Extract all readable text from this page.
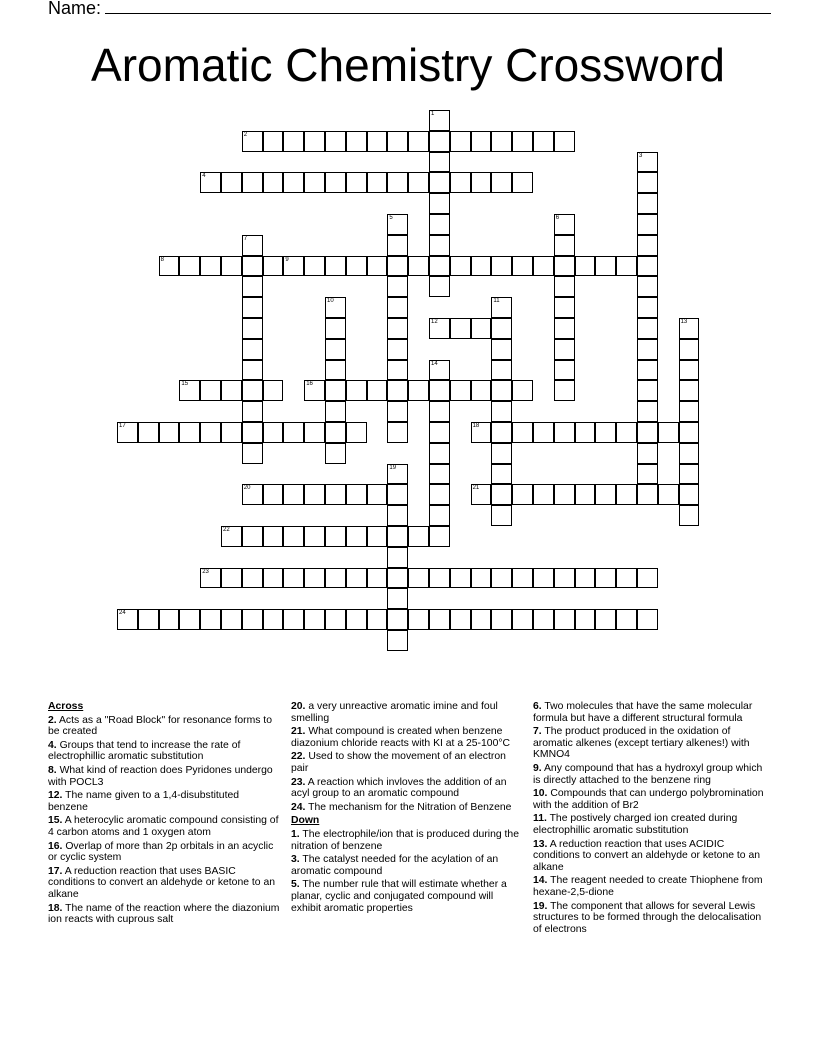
Name:
Aromatic Chemistry Crossword
1
2
3
4
5	6
7
8	9
10	11
12	13
14
15	16
17	18
19
20	21
22
23
24
Across
2. Acts as a "Road Block" for resonance forms to be created
4. Groups that tend to increase the rate of electrophillic aromatic substitution
8. What kind of reaction does Pyridones undergo with POCL3
12. The name given to a 1,4-disubstituted benzene
15. A heterocylic aromatic compound consisting of 4 carbon atoms and 1 oxygen atom
16. Overlap of more than 2p orbitals in an acyclic or cyclic system
17. A reduction reaction that uses BASIC conditions to convert an aldehyde or ketone to an alkane
18. The name of the reaction where the diazonium ion reacts with cuprous salt
20. a very unreactive aromatic imine and foul smelling
21. What compound is created when benzene diazonium chloride reacts with KI at a 25-100°C
22. Used to show the movement of an electron pair
23. A reaction which invloves the addition of an acyl group to an aromatic compound
24. The mechanism for the Nitration of Benzene
Down
1. The electrophile/ion that is produced during the nitration of benzene
3. The catalyst needed for the acylation of an aromatic compound
5. The number rule that will estimate whether a planar, cyclic and conjugated compound will exhibit aromatic properties
6. Two molecules that have the same molecular formula but have a different structural formula
7. The product produced in the oxidation of aromatic alkenes (except tertiary alkenes!) with KMNO4
9. Any compound that has a hydroxyl group which is directly attached to the benzene ring
10. Compounds that can undergo polybromination with the addition of Br2
11. The postively charged ion created during electrophillic aromatic substitution
13. A reduction reaction that uses ACIDIC conditions to convert an aldehyde or ketone to an alkane
14. The reagent needed to create Thiophene from hexane-2,5-dione
19. The component that allows for several Lewis structures to be formed through the delocalisation of electrons
